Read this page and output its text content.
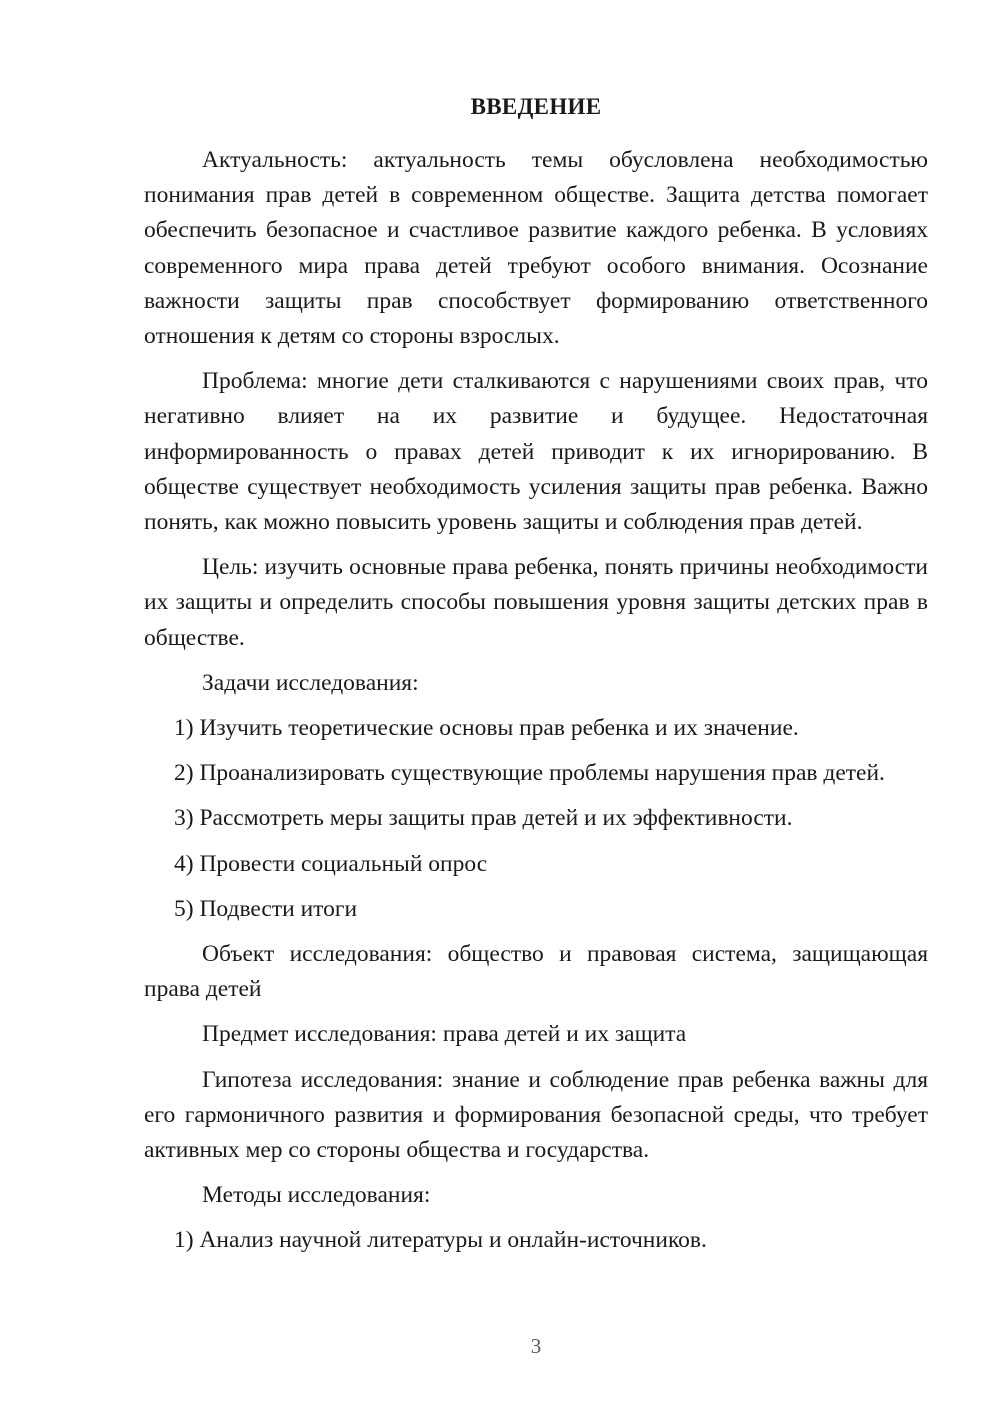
ВВЕДЕНИЕ

Актуальность: актуальность темы обусловлена необходимостью понимания прав детей в современном обществе. Защита детства помогает обеспечить безопасное и счастливое развитие каждого ребенка. В условиях современного мира права детей требуют особого внимания. Осознание важности защиты прав способствует формированию ответственного отношения к детям со стороны взрослых.

Проблема: многие дети сталкиваются с нарушениями своих прав, что негативно влияет на их развитие и будущее. Недостаточная информированность о правах детей приводит к их игнорированию. В обществе существует необходимость усиления защиты прав ребенка. Важно понять, как можно повысить уровень защиты и соблюдения прав детей.

Цель: изучить основные права ребенка, понять причины необходимости их защиты и определить способы повышения уровня защиты детских прав в обществе.

Задачи исследования:

1) Изучить теоретические основы прав ребенка и их значение.

2) Проанализировать существующие проблемы нарушения прав детей.

3) Рассмотреть меры защиты прав детей и их эффективности.

4) Провести социальный опрос

5) Подвести итоги

Объект исследования: общество и правовая система, защищающая права детей

Предмет исследования: права детей и их защита

Гипотеза исследования: знание и соблюдение прав ребенка важны для его гармоничного развития и формирования безопасной среды, что требует активных мер со стороны общества и государства.

Методы исследования:

1) Анализ научной литературы и онлайн-источников.

3
